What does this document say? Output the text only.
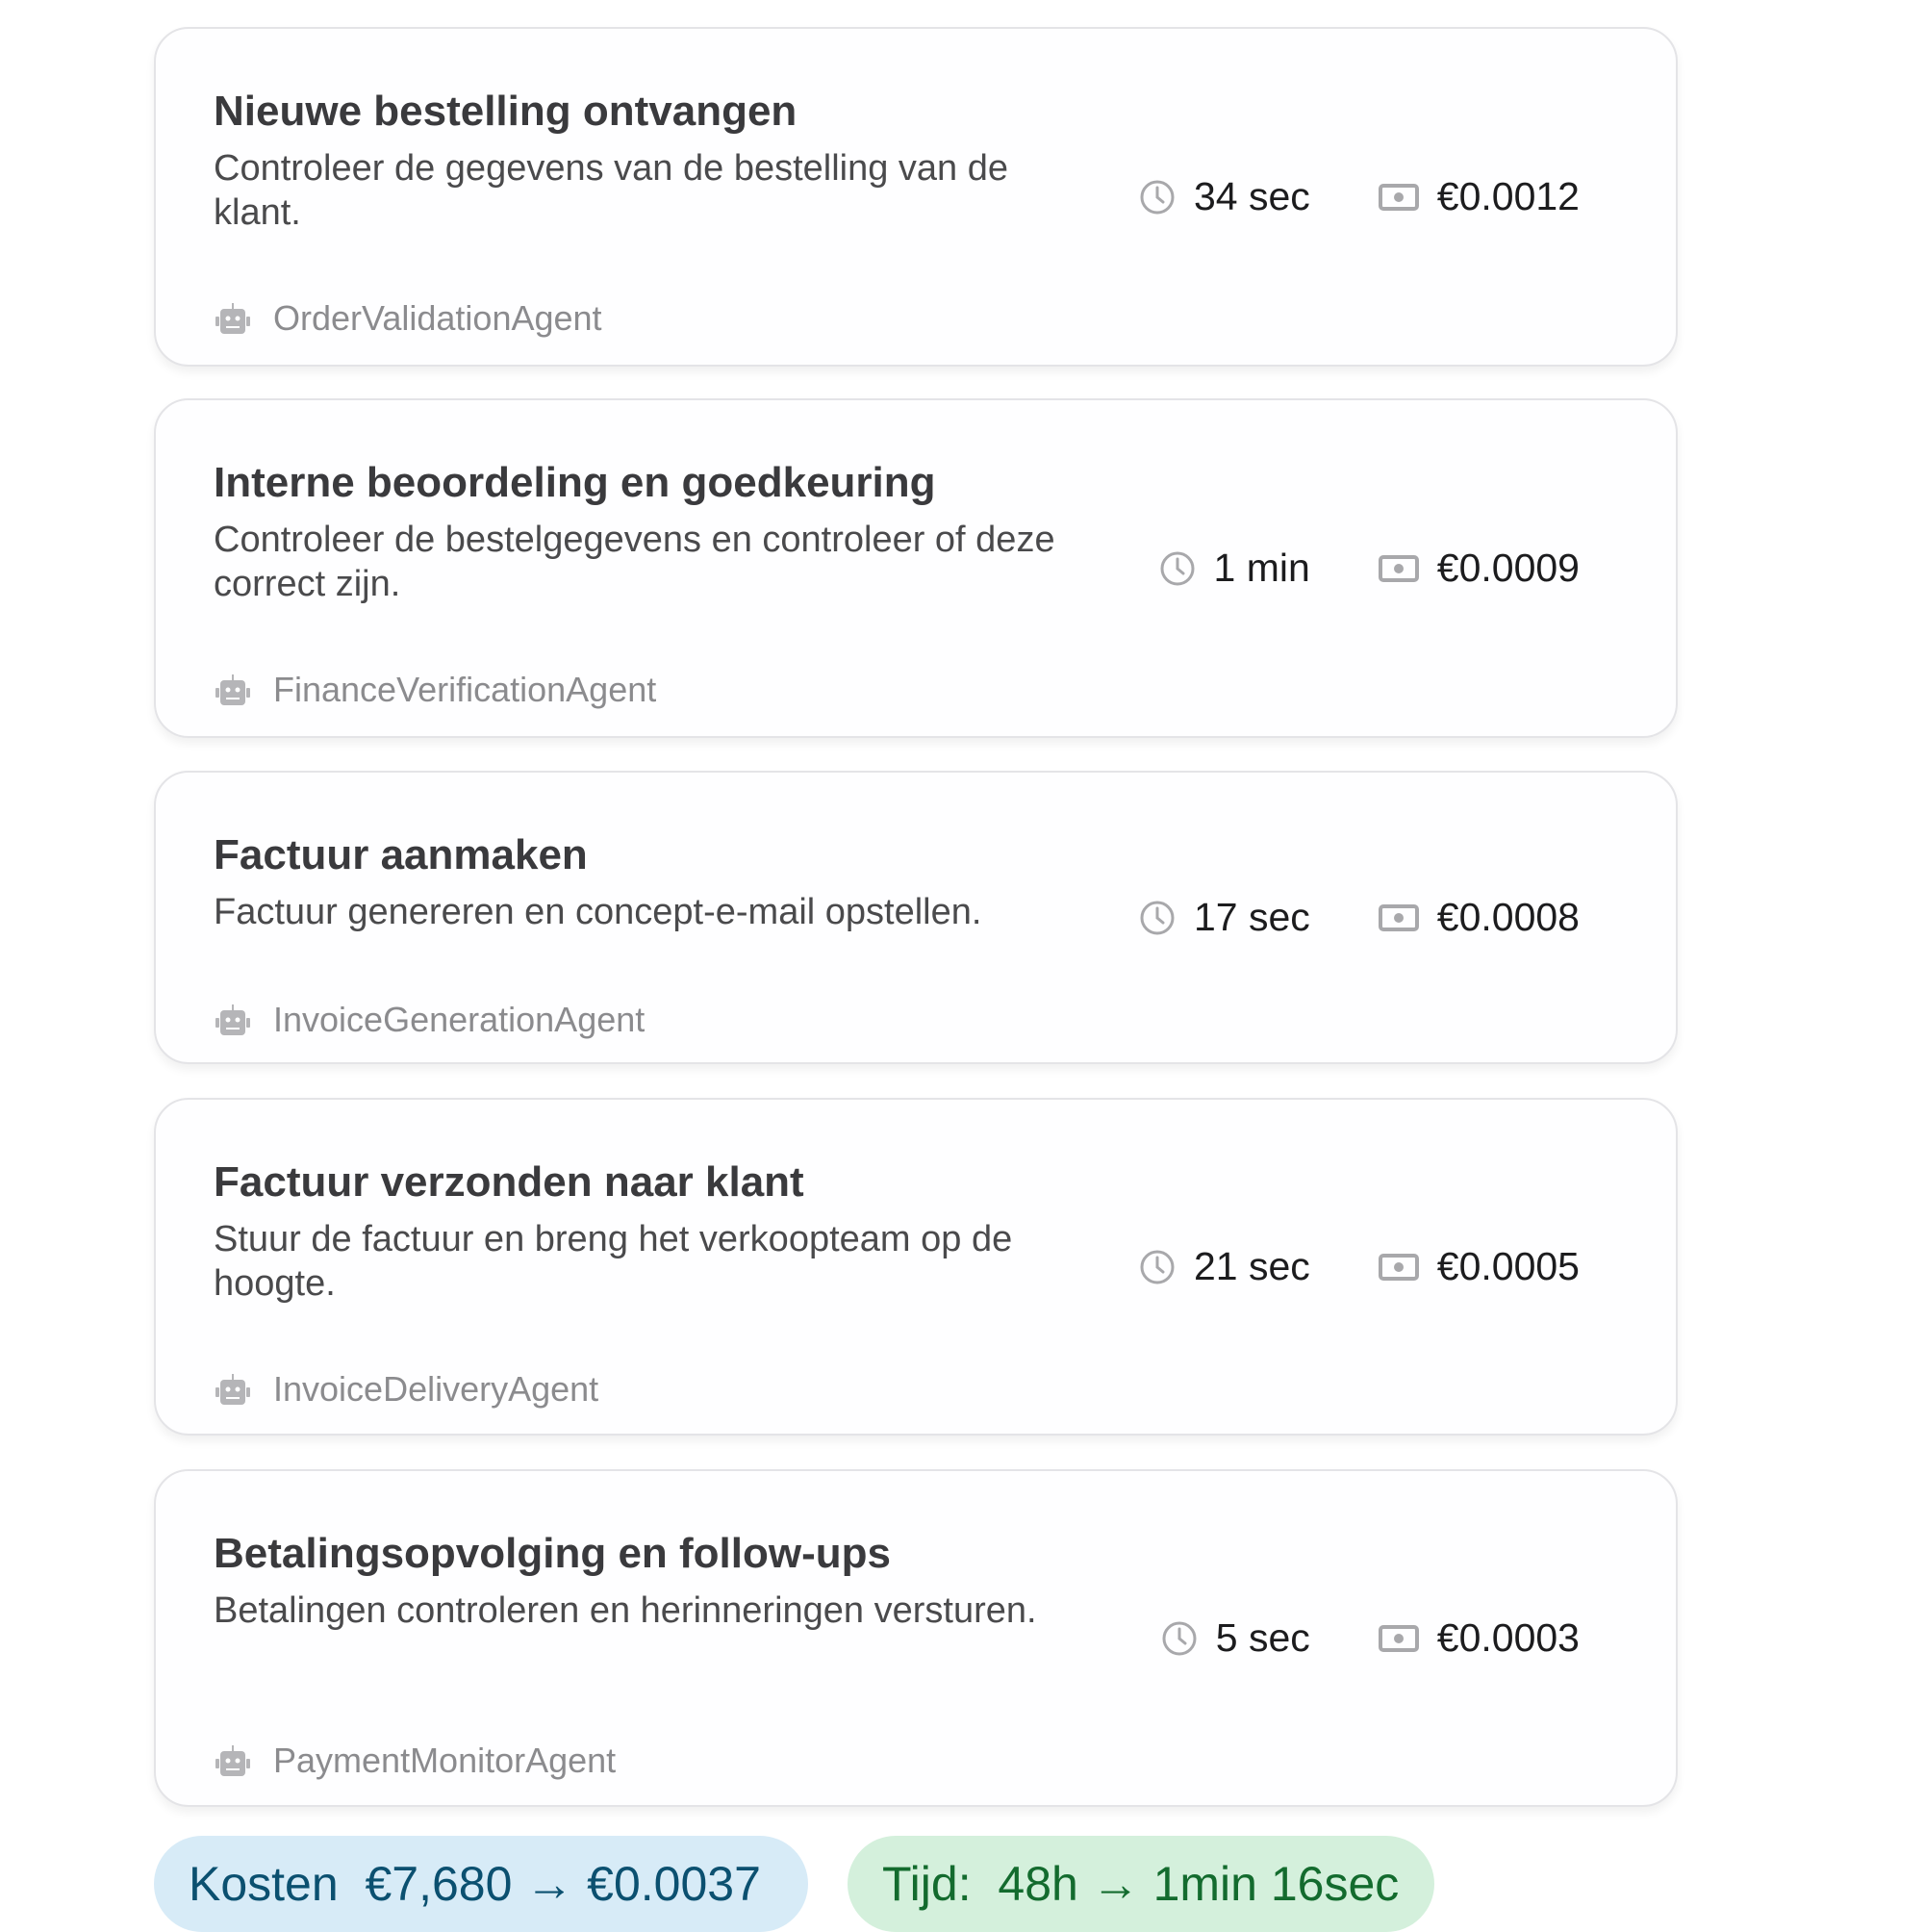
Nieuwe bestelling ontvangen
Controleer de gegevens van de bestelling van de klant.
OrderValidationAgent
34 sec	€0.0012
Interne beoordeling en goedkeuring
Controleer de bestelgegevens en controleer of deze correct zijn.
FinanceVerificationAgent
1 min	€0.0009
Factuur aanmaken
Factuur genereren en concept-e-mail opstellen.
InvoiceGenerationAgent
17 sec	€0.0008
Factuur verzonden naar klant
Stuur de factuur en breng het verkoopteam op de hoogte.
InvoiceDeliveryAgent
21 sec	€0.0005
Betalingsopvolging en follow-ups
Betalingen controleren en herinneringen versturen.
PaymentMonitorAgent
5 sec	€0.0003
Kosten  €7,680 → €0.0037	Tijd:  48h → 1min 16sec
